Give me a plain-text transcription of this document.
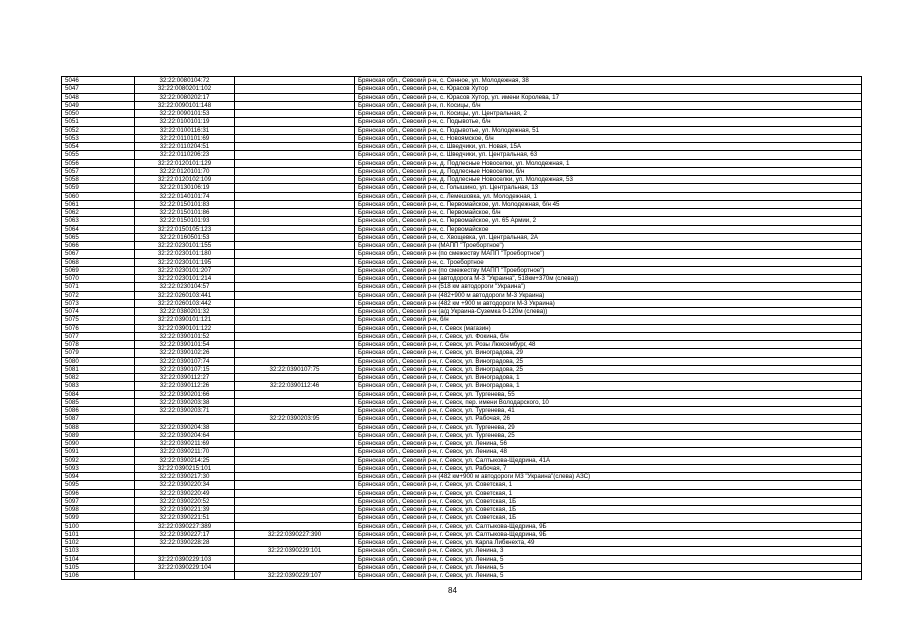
5046	32:22:0080104:72		Брянская обл., Севский р-н, с. Сенное, ул. Молодежная, 38
5047	32:22:0080201:102		Брянская обл., Севский р-н, с. Юрасов Хутор
5048	32:22:0080202:17		Брянская обл., Севский р-н, с. Юрасов Хутор, ул. имени Королева, 17
5049	32:22:0090101:148		Брянская обл., Севский р-н, п. Косицы, б/н
5050	32:22:0090101:53		Брянская обл., Севский р-н, п. Косицы, ул. Центральная, 2
5051	32:22:0100101:19		Брянская обл., Севский р-н, с. Подывотье, б/н
5052	32:22:0100116:31		Брянская обл., Севский р-н, с. Подывотье, ул. Молодежная, 51
5053	32:22:0110101:69		Брянская обл., Севский р-н, с. Новоямское, б/н
5054	32:22:0110204:51		Брянская обл., Севский р-н, с. Шведчики, ул. Новая, 15А
5055	32:22:0110206:23		Брянская обл., Севский р-н, с. Шведчики, ул. Центральная, 63
5056	32:22:0120101:129		Брянская обл., Севский р-н, д. Подлесные Новоселки, ул. Молодежная, 1
5057	32:22:0120101:70		Брянская обл., Севский р-н, д. Подлесные Новоселки, б/н
5058	32:22:0120102:109		Брянская обл., Севский р-н, д. Подлесные Новоселки, ул. Молодежная, 53
5059	32:22:0130106:19		Брянская обл., Севский р-н, с. Голышино, ул. Центральная, 13
5060	32:22:0140101:74		Брянская обл., Севский р-н, с. Лемешовка, ул. Молодежная, 1
5061	32:22:0150101:83		Брянская обл., Севский р-н, с. Первомайское, ул. Молодежная, б/н 45
5062	32:22:0150101:86		Брянская обл., Севский р-н, с. Первомайское, б/н
5063	32:22:0150101:93		Брянская обл., Севский р-н, с. Первомайское, ул. 65 Армии, 2
5064	32:22:0150105:123		Брянская обл., Севский р-н, с. Первомайское
5065	32:22:0160501:53		Брянская обл., Севский р-н, с. Хвощевка, ул. Центральная, 2А
5066	32:22:0230101:155		Брянская обл., Севский р-н (МАПП "Троебортное")
5067	32:22:0230101:180		Брянская обл., Севский р-н (по смежеству МАПП "Троебортное")
5068	32:22:0230101:195		Брянская обл., Севский р-н, с. Троебортное
5069	32:22:0230101:207		Брянская обл., Севский р-н (по смежеству МАПП "Троебортное")
5070	32:22:0230101:214		Брянская обл., Севский р-н (автодорога М-3 "Украина", 518км+370м (слева))
5071	32:22:0230104:57		Брянская обл., Севский р-н (518 км автодороги "Украина")
5072	32:22:0260103:441		Брянская обл., Севский р-н (482+900 м автодороги М-3 Украина)
5073	32:22:0260103:442		Брянская обл., Севский р-н (482 км +900 м автодороги М-3 Украина)
5074	32:22:0380201:32		Брянская обл., Севский р-н (а/д Украина-Суземка 0-120м (слева))
5075	32:22:0390101:121		Брянская обл., Севский р-н, б/н
5076	32:22:0390101:122		Брянская обл., Севский р-н, г. Севск (магазин)
5077	32:22:0390101:52		Брянская обл., Севский р-н, г. Севск, ул. Фокина, б/н
5078	32:22:0390101:54		Брянская обл., Севский р-н, г. Севск, ул. Розы Люксембург, 48
5079	32:22:0390102:26		Брянская обл., Севский р-н, г. Севск, ул. Виноградова, 29
5080	32:22:0390107:74		Брянская обл., Севский р-н, г. Севск, ул. Виноградова, 25
5081	32:22:0390107:15	32:22:0390107:75	Брянская обл., Севский р-н, г. Севск, ул. Виноградова, 25
5082	32:22:0390112:27		Брянская обл., Севский р-н, г. Севск, ул. Виноградова, 1
5083	32:22:0390112:26	32:22:0390112:46	Брянская обл., Севский р-н, г. Севск, ул. Виноградова, 1
5084	32:22:0390201:66		Брянская обл., Севский р-н, г. Севск, ул. Тургенева, 55
5085	32:22:0390203:38		Брянская обл., Севский р-н, г. Севск, пер. имени Володарского, 10
5086	32:22:0390203:71		Брянская обл., Севский р-н, г. Севск, ул. Тургенева, 41
5087		32:22:0390203:95	Брянская обл., Севский р-н, г. Севск, ул. Рабочая, 26
5088	32:22:0390204:38		Брянская обл., Севский р-н, г. Севск, ул. Тургенева, 29
5089	32:22:0390204:64		Брянская обл., Севский р-н, г. Севск, ул. Тургенева, 25
5090	32:22:0390211:69		Брянская обл., Севский р-н, г. Севск, ул. Ленина, 56
5091	32:22:0390211:70		Брянская обл., Севский р-н, г. Севск, ул. Ленина, 48
5092	32:22:0390214:25		Брянская обл., Севский р-н, г. Севск, ул. Салтыкова-Щедрина, 41А
5093	32:22:0390215:101		Брянская обл., Севский р-н, г. Севск, ул. Рабочая, 7
5094	32:22:0390217:30		Брянская обл., Севский р-н (482 км+900 м автодороги М3 "Украина"(слева) АЗС)
5095	32:22:0390220:34		Брянская обл., Севский р-н, г. Севск, ул. Советская, 1
5096	32:22:0390220:49		Брянская обл., Севский р-н, г. Севск, ул. Советская, 1
5097	32:22:0390220:52		Брянская обл., Севский р-н, г. Севск, ул. Советская, 1Б
5098	32:22:0390221:39		Брянская обл., Севский р-н, г. Севск, ул. Советская, 1Б
5099	32:22:0390221:51		Брянская обл., Севский р-н, г. Севск, ул. Советская, 1Б
5100	32:22:0390227:389		Брянская обл., Севский р-н, г. Севск, ул. Салтыкова-Щедрина, 9Б
5101	32:22:0390227:17	32:22:0390227:390	Брянская обл., Севский р-н, г. Севск, ул. Салтыкова-Щедрина, 9Б
5102	32:22:0390228:28		Брянская обл., Севский р-н, г. Севск, ул. Карла Либкнехта, 49
5103		32:22:0390229:101	Брянская обл., Севский р-н, г. Севск, ул. Ленина, 3
5104	32:22:0390229:103		Брянская обл., Севский р-н, г. Севск, ул. Ленина, 5
5105	32:22:0390229:104		Брянская обл., Севский р-н, г. Севск, ул. Ленина, 5
5106		32:22:0390229:107	Брянская обл., Севский р-н, г. Севск, ул. Ленина, 5
84
